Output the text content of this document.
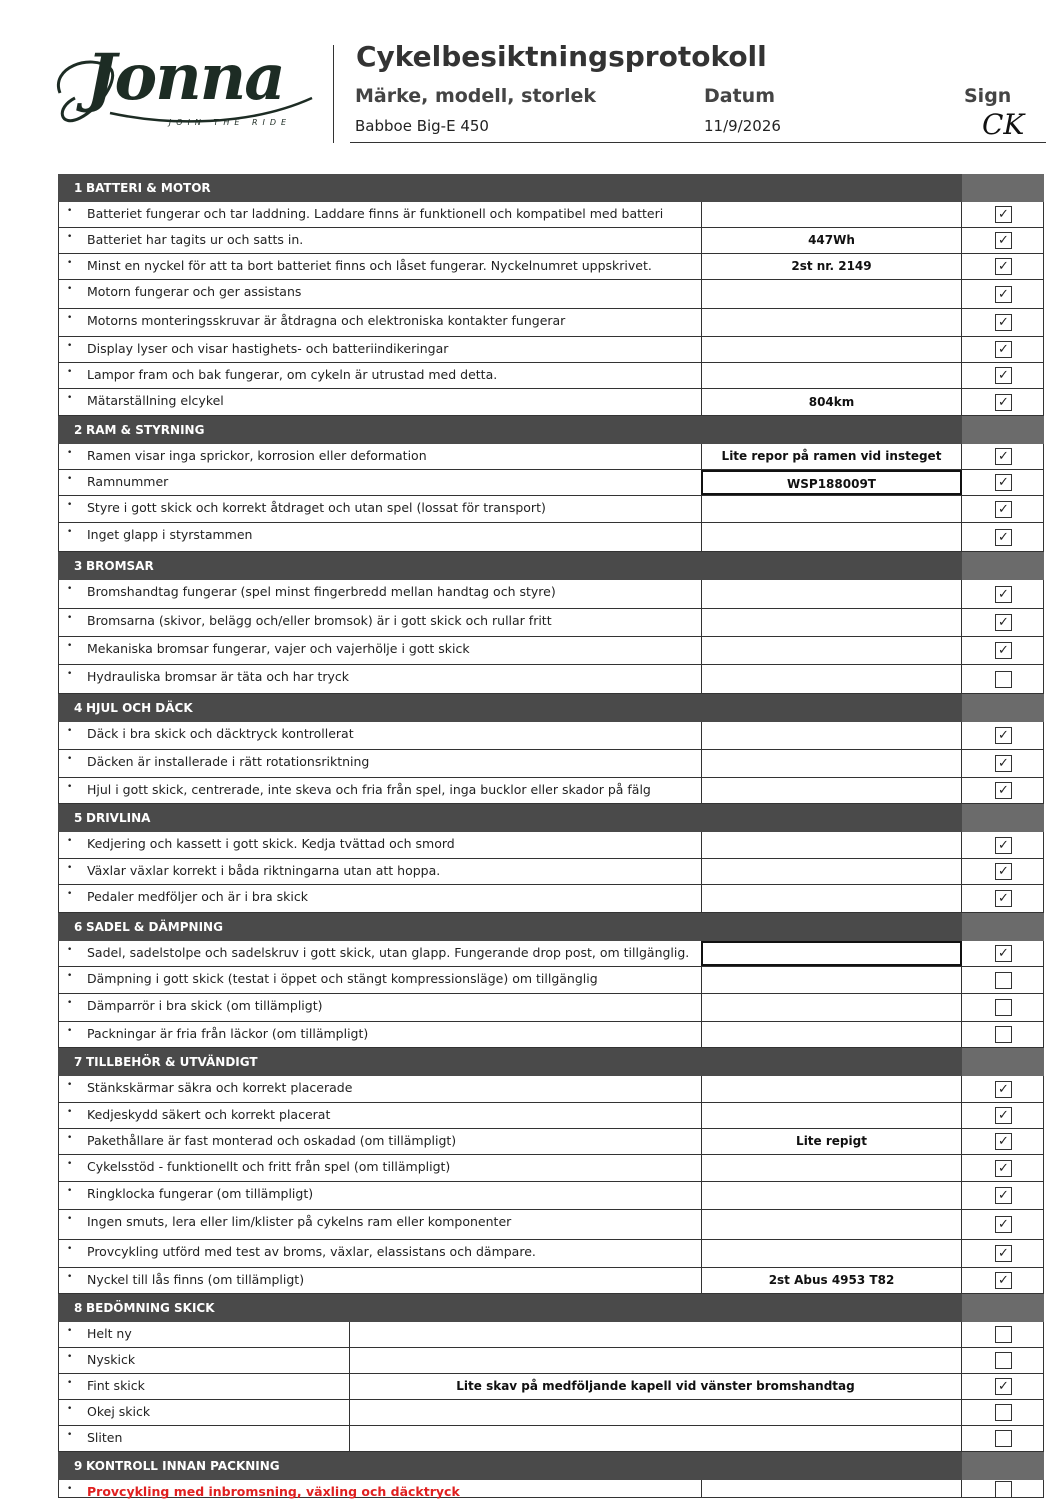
Jonna
JOIN THE RIDE
Cykelbesiktningsprotokoll
Märke, modell, storlek	Datum	Sign
Babboe Big-E 450	11/9/2026	CK
1 BATTERI & MOTOR
• Batteriet fungerar och tar laddning. Laddare finns är funktionell och kompatibel med batteri	✓
• Batteriet har tagits ur och satts in.	447Wh	✓
• Minst en nyckel för att ta bort batteriet finns och låset fungerar. Nyckelnumret uppskrivet.	2st nr. 2149	✓
• Motorn fungerar och ger assistans	✓
• Motorns monteringsskruvar är åtdragna och elektroniska kontakter fungerar	✓
• Display lyser och visar hastighets- och batteriindikeringar	✓
• Lampor fram och bak fungerar, om cykeln är utrustad med detta.	✓
• Mätarställning elcykel	804km	✓
2 RAM & STYRNING
• Ramen visar inga sprickor, korrosion eller deformation	Lite repor på ramen vid insteget	✓
• Ramnummer	WSP188009T	✓
• Styre i gott skick och korrekt åtdraget och utan spel (lossat för transport)	✓
• Inget glapp i styrstammen	✓
3 BROMSAR
• Bromshandtag fungerar (spel minst fingerbredd mellan handtag och styre)	✓
• Bromsarna (skivor, belägg och/eller bromsok) är i gott skick och rullar fritt	✓
• Mekaniska bromsar fungerar, vajer och vajerhölje i gott skick	✓
• Hydrauliska bromsar är täta och har tryck
4 HJUL OCH DÄCK
• Däck i bra skick och däcktryck kontrollerat	✓
• Däcken är installerade i rätt rotationsriktning	✓
• Hjul i gott skick, centrerade, inte skeva och fria från spel, inga bucklor eller skador på fälg	✓
5 DRIVLINA
• Kedjering och kassett i gott skick. Kedja tvättad och smord	✓
• Växlar växlar korrekt i båda riktningarna utan att hoppa.	✓
• Pedaler medföljer och är i bra skick	✓
6 SADEL & DÄMPNING
• Sadel, sadelstolpe och sadelskruv i gott skick, utan glapp. Fungerande drop post, om tillgänglig.	✓
• Dämpning i gott skick (testat i öppet och stängt kompressionsläge) om tillgänglig
• Dämparrör i bra skick (om tillämpligt)
• Packningar är fria från läckor (om tillämpligt)
7 TILLBEHÖR & UTVÄNDIGT
• Stänkskärmar säkra och korrekt placerade	✓
• Kedjeskydd säkert och korrekt placerat	✓
• Pakethållare är fast monterad och oskadad (om tillämpligt)	Lite repigt	✓
• Cykelsstöd - funktionellt och fritt från spel (om tillämpligt)	✓
• Ringklocka fungerar (om tillämpligt)	✓
• Ingen smuts, lera eller lim/klister på cykelns ram eller komponenter	✓
• Provcykling utförd med test av broms, växlar, elassistans och dämpare.	✓
• Nyckel till lås finns (om tillämpligt)	2st Abus 4953 T82	✓
8 BEDÖMNING SKICK
• Helt ny
• Nyskick
• Fint skick	Lite skav på medföljande kapell vid vänster bromshandtag	✓
• Okej skick
• Sliten
9 KONTROLL INNAN PACKNING
• Provcykling med inbromsning, växling och däcktryck
